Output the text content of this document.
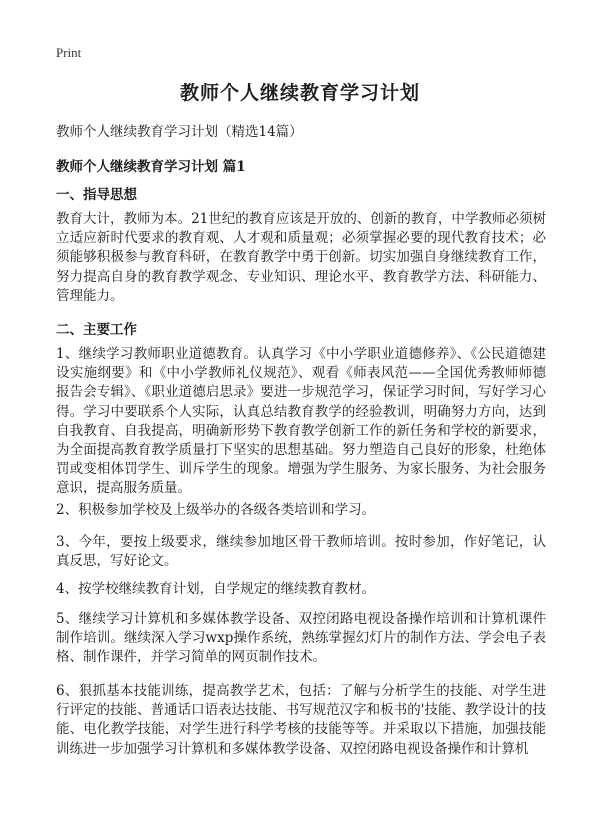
Print
教师个人继续教育学习计划
教师个人继续教育学习计划（精选14篇）
教师个人继续教育学习计划 篇1
一、指导思想
教育大计，教师为本。21世纪的教育应该是开放的、创新的教育，中学教师必须树立适应新时代要求的教育观、人才观和质量观；必须掌握必要的现代教育技术；必须能够积极参与教育科研，在教育教学中勇于创新。切实加强自身继续教育工作，努力提高自身的教育教学观念、专业知识、理论水平、教育教学方法、科研能力、管理能力。
二、主要工作
1、继续学习教师职业道德教育。认真学习《中小学职业道德修养》、《公民道德建设实施纲要》和《中小学教师礼仪规范》、观看《师表风范——全国优秀教师师德报告会专辑》、《职业道德启思录》要进一步规范学习，保证学习时间，写好学习心得。学习中要联系个人实际，认真总结教育教学的经验教训，明确努力方向，达到自我教育、自我提高，明确新形势下教育教学创新工作的新任务和学校的新要求，为全面提高教育教学质量打下坚实的思想基础。努力塑造自己良好的形象，杜绝体罚或变相体罚学生、训斥学生的现象。增强为学生服务、为家长服务、为社会服务意识，提高服务质量。
2、积极参加学校及上级举办的各级各类培训和学习。
3、今年，要按上级要求，继续参加地区骨干教师培训。按时参加，作好笔记，认真反思，写好论文。
4、按学校继续教育计划，自学规定的继续教育教材。
5、继续学习计算机和多媒体教学设备、双控闭路电视设备操作培训和计算机课件制作培训。继续深入学习wxp操作系统，熟练掌握幻灯片的制作方法、学会电子表格、制作课件，并学习简单的网页制作技术。
6、狠抓基本技能训练，提高教学艺术，包括：了解与分析学生的技能、对学生进行评定的技能、普通话口语表达技能、书写规范汉字和板书的'技能、教学设计的技能、电化教学技能，对学生进行科学考核的技能等等。并采取以下措施，加强技能训练进一步加强学习计算机和多媒体教学设备、双控闭路电视设备操作和计算机
